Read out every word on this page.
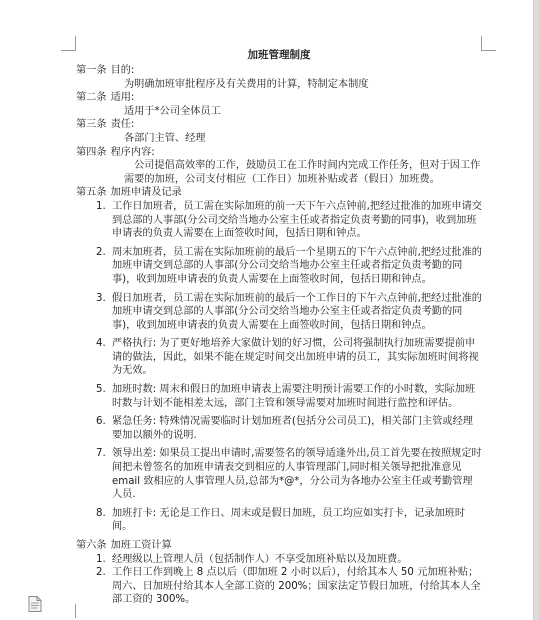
加班管理制度
第一条 目的:
为明确加班审批程序及有关费用的计算，特制定本制度
第二条 适用:
适用于*公司全体员工
第三条 责任:
各部门主管、经理
第四条 程序内容:
公司提倡高效率的工作，鼓励员工在工作时间内完成工作任务，但对于因工作需要的加班，公司支付相应（工作日）加班补贴或者（假日）加班费。
第五条 加班申请及记录
1. 工作日加班者，员工需在实际加班的前一天下午六点钟前,把经过批准的加班申请交到总部的人事部(分公司交给当地办公室主任或者指定负责考勤的同事)，收到加班申请表的负责人需要在上面签收时间，包括日期和钟点。
2. 周末加班者，员工需在实际加班前的最后一个星期五的下午六点钟前,把经过批准的加班申请交到总部的人事部(分公司交给当地办公室主任或者指定负责考勤的同事)，收到加班申请表的负责人需要在上面签收时间，包括日期和钟点。
3. 假日加班者，员工需在实际加班前的最后一个工作日的下午六点钟前,把经过批准的加班申请交到总部的人事部(分公司交给当地办公室主任或者指定负责考勤的同事)，收到加班申请表的负责人需要在上面签收时间，包括日期和钟点。
4. 严格执行: 为了更好地培养大家做计划的好习惯，公司将强制执行加班需要提前申请的做法，因此，如果不能在规定时间交出加班申请的员工，其实际加班时间将视为无效。
5. 加班时数: 周末和假日的加班申请表上需要注明预计需要工作的小时数，实际加班时数与计划不能相差太远，部门主管和领导需要对加班时间进行监控和评估。
6. 紧急任务: 特殊情况需要临时计划加班者(包括分公司员工)，相关部门主管或经理要加以额外的说明.
7. 领导出差: 如果员工提出申请时,需要签名的领导适逢外出,员工首先要在按照规定时间把未曾签名的加班申请表交到相应的人事管理部门,同时相关领导把批准意见 email 致相应的人事管理人员,总部为*@*，分公司为各地办公室主任或考勤管理人员.
8. 加班打卡: 无论是工作日、周末或是假日加班，员工均应如实打卡，记录加班时间。
第六条 加班工资计算
1. 经理级以上管理人员（包括制作人）不享受加班补贴以及加班费。
2. 工作日工作到晚上 8 点以后（即加班 2 小时以后），付给其本人 50 元加班补贴；周六、日加班付给其本人全部工资的 200%；国家法定节假日加班，付给其本人全部工资的 300%。
